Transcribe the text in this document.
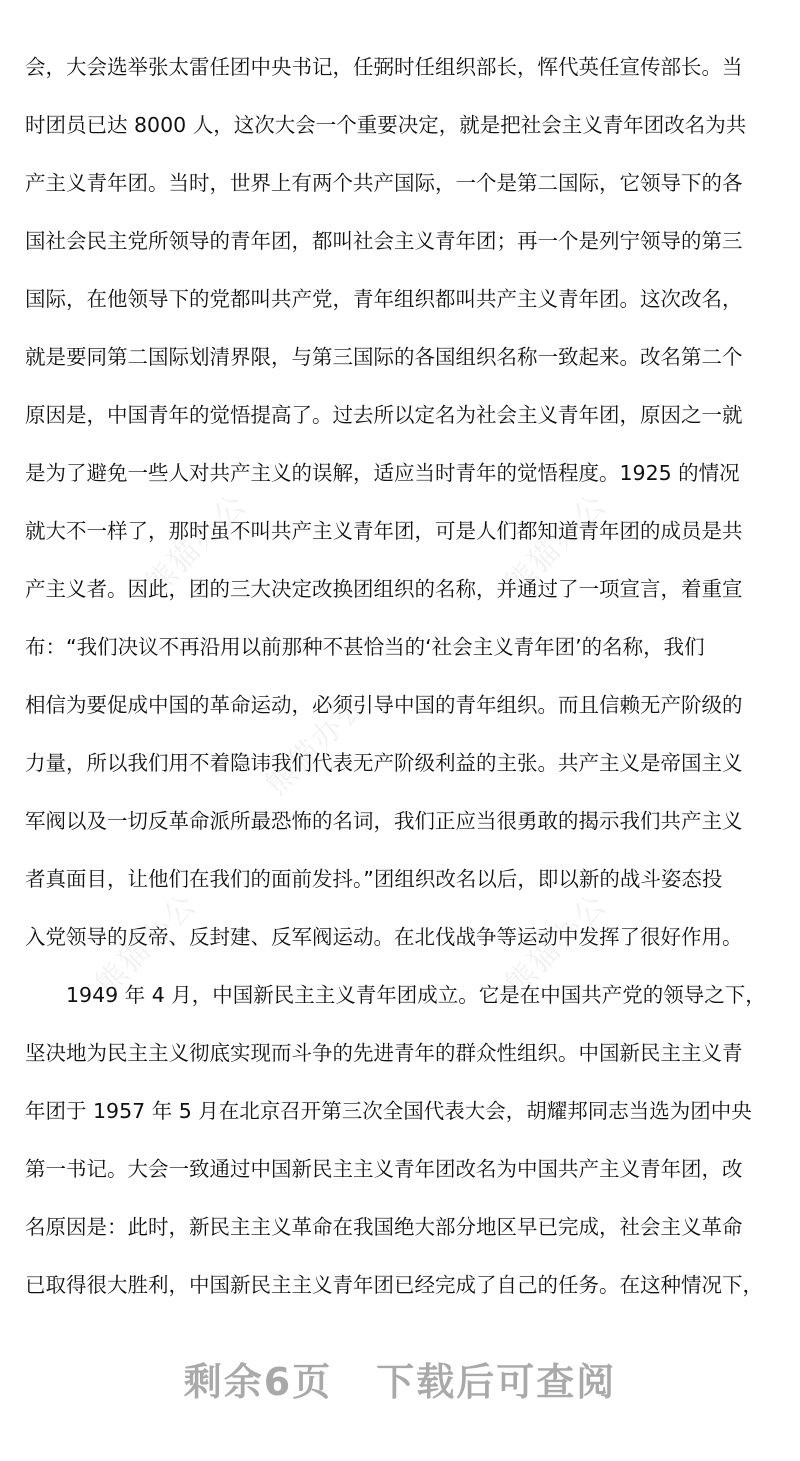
熊猫办公	熊猫办公
熊猫办公
熊猫办公	熊猫办公
会，大会选举张太雷任团中央书记，任弼时任组织部长，恽代英任宣传部长。当
时团员已达 8000 人，这次大会一个重要决定，就是把社会主义青年团改名为共
产主义青年团。当时，世界上有两个共产国际，一个是第二国际，它领导下的各
国社会民主党所领导的青年团，都叫社会主义青年团；再一个是列宁领导的第三
国际，在他领导下的党都叫共产党，青年组织都叫共产主义青年团。这次改名，
就是要同第二国际划清界限，与第三国际的各国组织名称一致起来。改名第二个
原因是，中国青年的觉悟提高了。过去所以定名为社会主义青年团，原因之一就
是为了避免一些人对共产主义的误解，适应当时青年的觉悟程度。1925 的情况
就大不一样了，那时虽不叫共产主义青年团，可是人们都知道青年团的成员是共
产主义者。因此，团的三大决定改换团组织的名称，并通过了一项宣言，着重宣
布：“我们决议不再沿用以前那种不甚恰当的‘社会主义青年团’的名称，我们
相信为要促成中国的革命运动，必须引导中国的青年组织。而且信赖无产阶级的
力量，所以我们用不着隐讳我们代表无产阶级利益的主张。共产主义是帝国主义
军阀以及一切反革命派所最恐怖的名词，我们正应当很勇敢的揭示我们共产主义
者真面目，让他们在我们的面前发抖。”团组织改名以后，即以新的战斗姿态投
入党领导的反帝、反封建、反军阀运动。在北伐战争等运动中发挥了很好作用。
1949 年 4 月，中国新民主主义青年团成立。它是在中国共产党的领导之下，
坚决地为民主主义彻底实现而斗争的先进青年的群众性组织。中国新民主主义青
年团于 1957 年 5 月在北京召开第三次全国代表大会，胡耀邦同志当选为团中央
第一书记。大会一致通过中国新民主主义青年团改名为中国共产主义青年团，改
名原因是：此时，新民主主义革命在我国绝大部分地区早已完成，社会主义革命
已取得很大胜利，中国新民主主义青年团已经完成了自己的任务。在这种情况下，
剩余6页 下载后可查阅
